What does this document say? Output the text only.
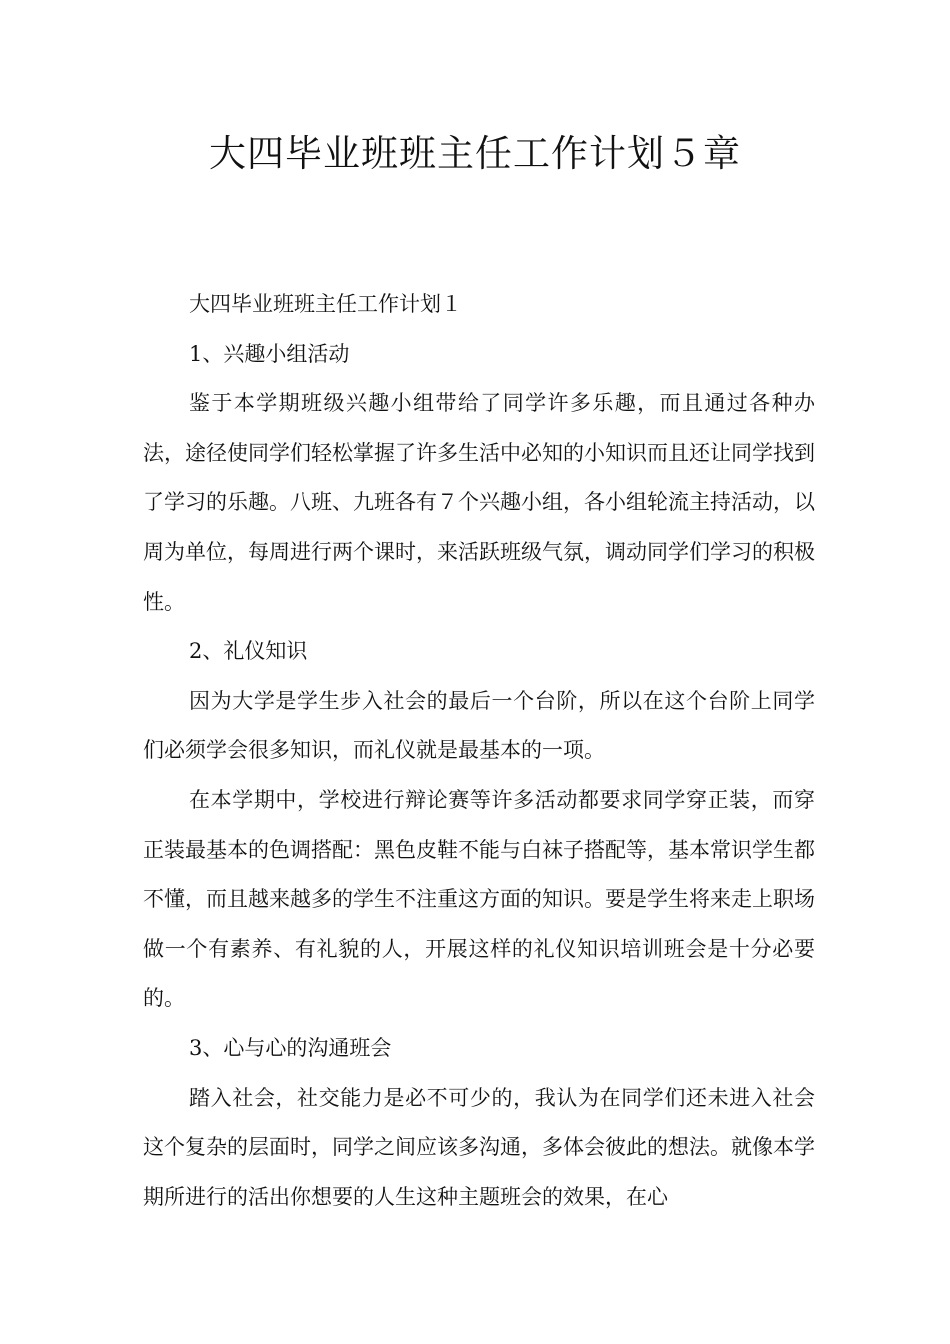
大四毕业班班主任工作计划５章

大四毕业班班主任工作计划１

1、兴趣小组活动

鉴于本学期班级兴趣小组带给了同学许多乐趣，而且通过各种办法，途径使同学们轻松掌握了许多生活中必知的小知识而且还让同学找到了学习的乐趣。八班、九班各有７个兴趣小组，各小组轮流主持活动，以周为单位，每周进行两个课时，来活跃班级气氛，调动同学们学习的积极性。

2、礼仪知识

因为大学是学生步入社会的最后一个台阶，所以在这个台阶上同学们必须学会很多知识，而礼仪就是最基本的一项。

在本学期中，学校进行辩论赛等许多活动都要求同学穿正装，而穿正装最基本的色调搭配：黑色皮鞋不能与白袜子搭配等，基本常识学生都不懂，而且越来越多的学生不注重这方面的知识。要是学生将来走上职场做一个有素养、有礼貌的人，开展这样的礼仪知识培训班会是十分必要的。

3、心与心的沟通班会

踏入社会，社交能力是必不可少的，我认为在同学们还未进入社会这个复杂的层面时，同学之间应该多沟通，多体会彼此的想法。就像本学期所进行的活出你想要的人生这种主题班会的效果，在心
